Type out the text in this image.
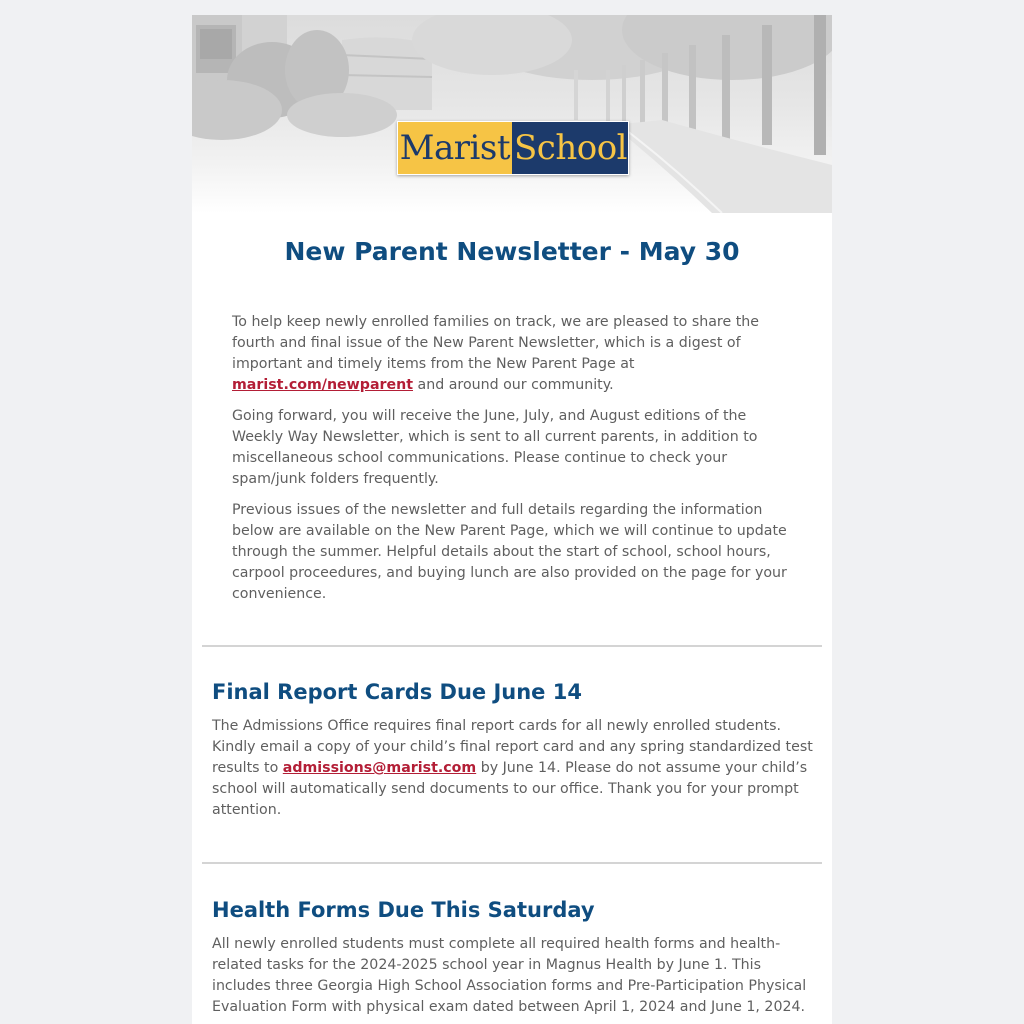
Marist School
New Parent Newsletter - May 30

To help keep newly enrolled families on track, we are pleased to share the fourth and final issue of the New Parent Newsletter, which is a digest of important and timely items from the New Parent Page at marist.com/newparent and around our community.

Going forward, you will receive the June, July, and August editions of the Weekly Way Newsletter, which is sent to all current parents, in addition to miscellaneous school communications. Please continue to check your spam/junk folders frequently.

Previous issues of the newsletter and full details regarding the information below are available on the New Parent Page, which we will continue to update through the summer. Helpful details about the start of school, school hours, carpool proceedures, and buying lunch are also provided on the page for your convenience.

Final Report Cards Due June 14

The Admissions Office requires final report cards for all newly enrolled students. Kindly email a copy of your child’s final report card and any spring standardized test results to admissions@marist.com by June 14. Please do not assume your child’s school will automatically send documents to our office. Thank you for your prompt attention.

Health Forms Due This Saturday

All newly enrolled students must complete all required health forms and health-related tasks for the 2024-2025 school year in Magnus Health by June 1. This includes three Georgia High School Association forms and Pre-Participation Physical Evaluation Form with physical exam dated between April 1, 2024 and June 1, 2024.
